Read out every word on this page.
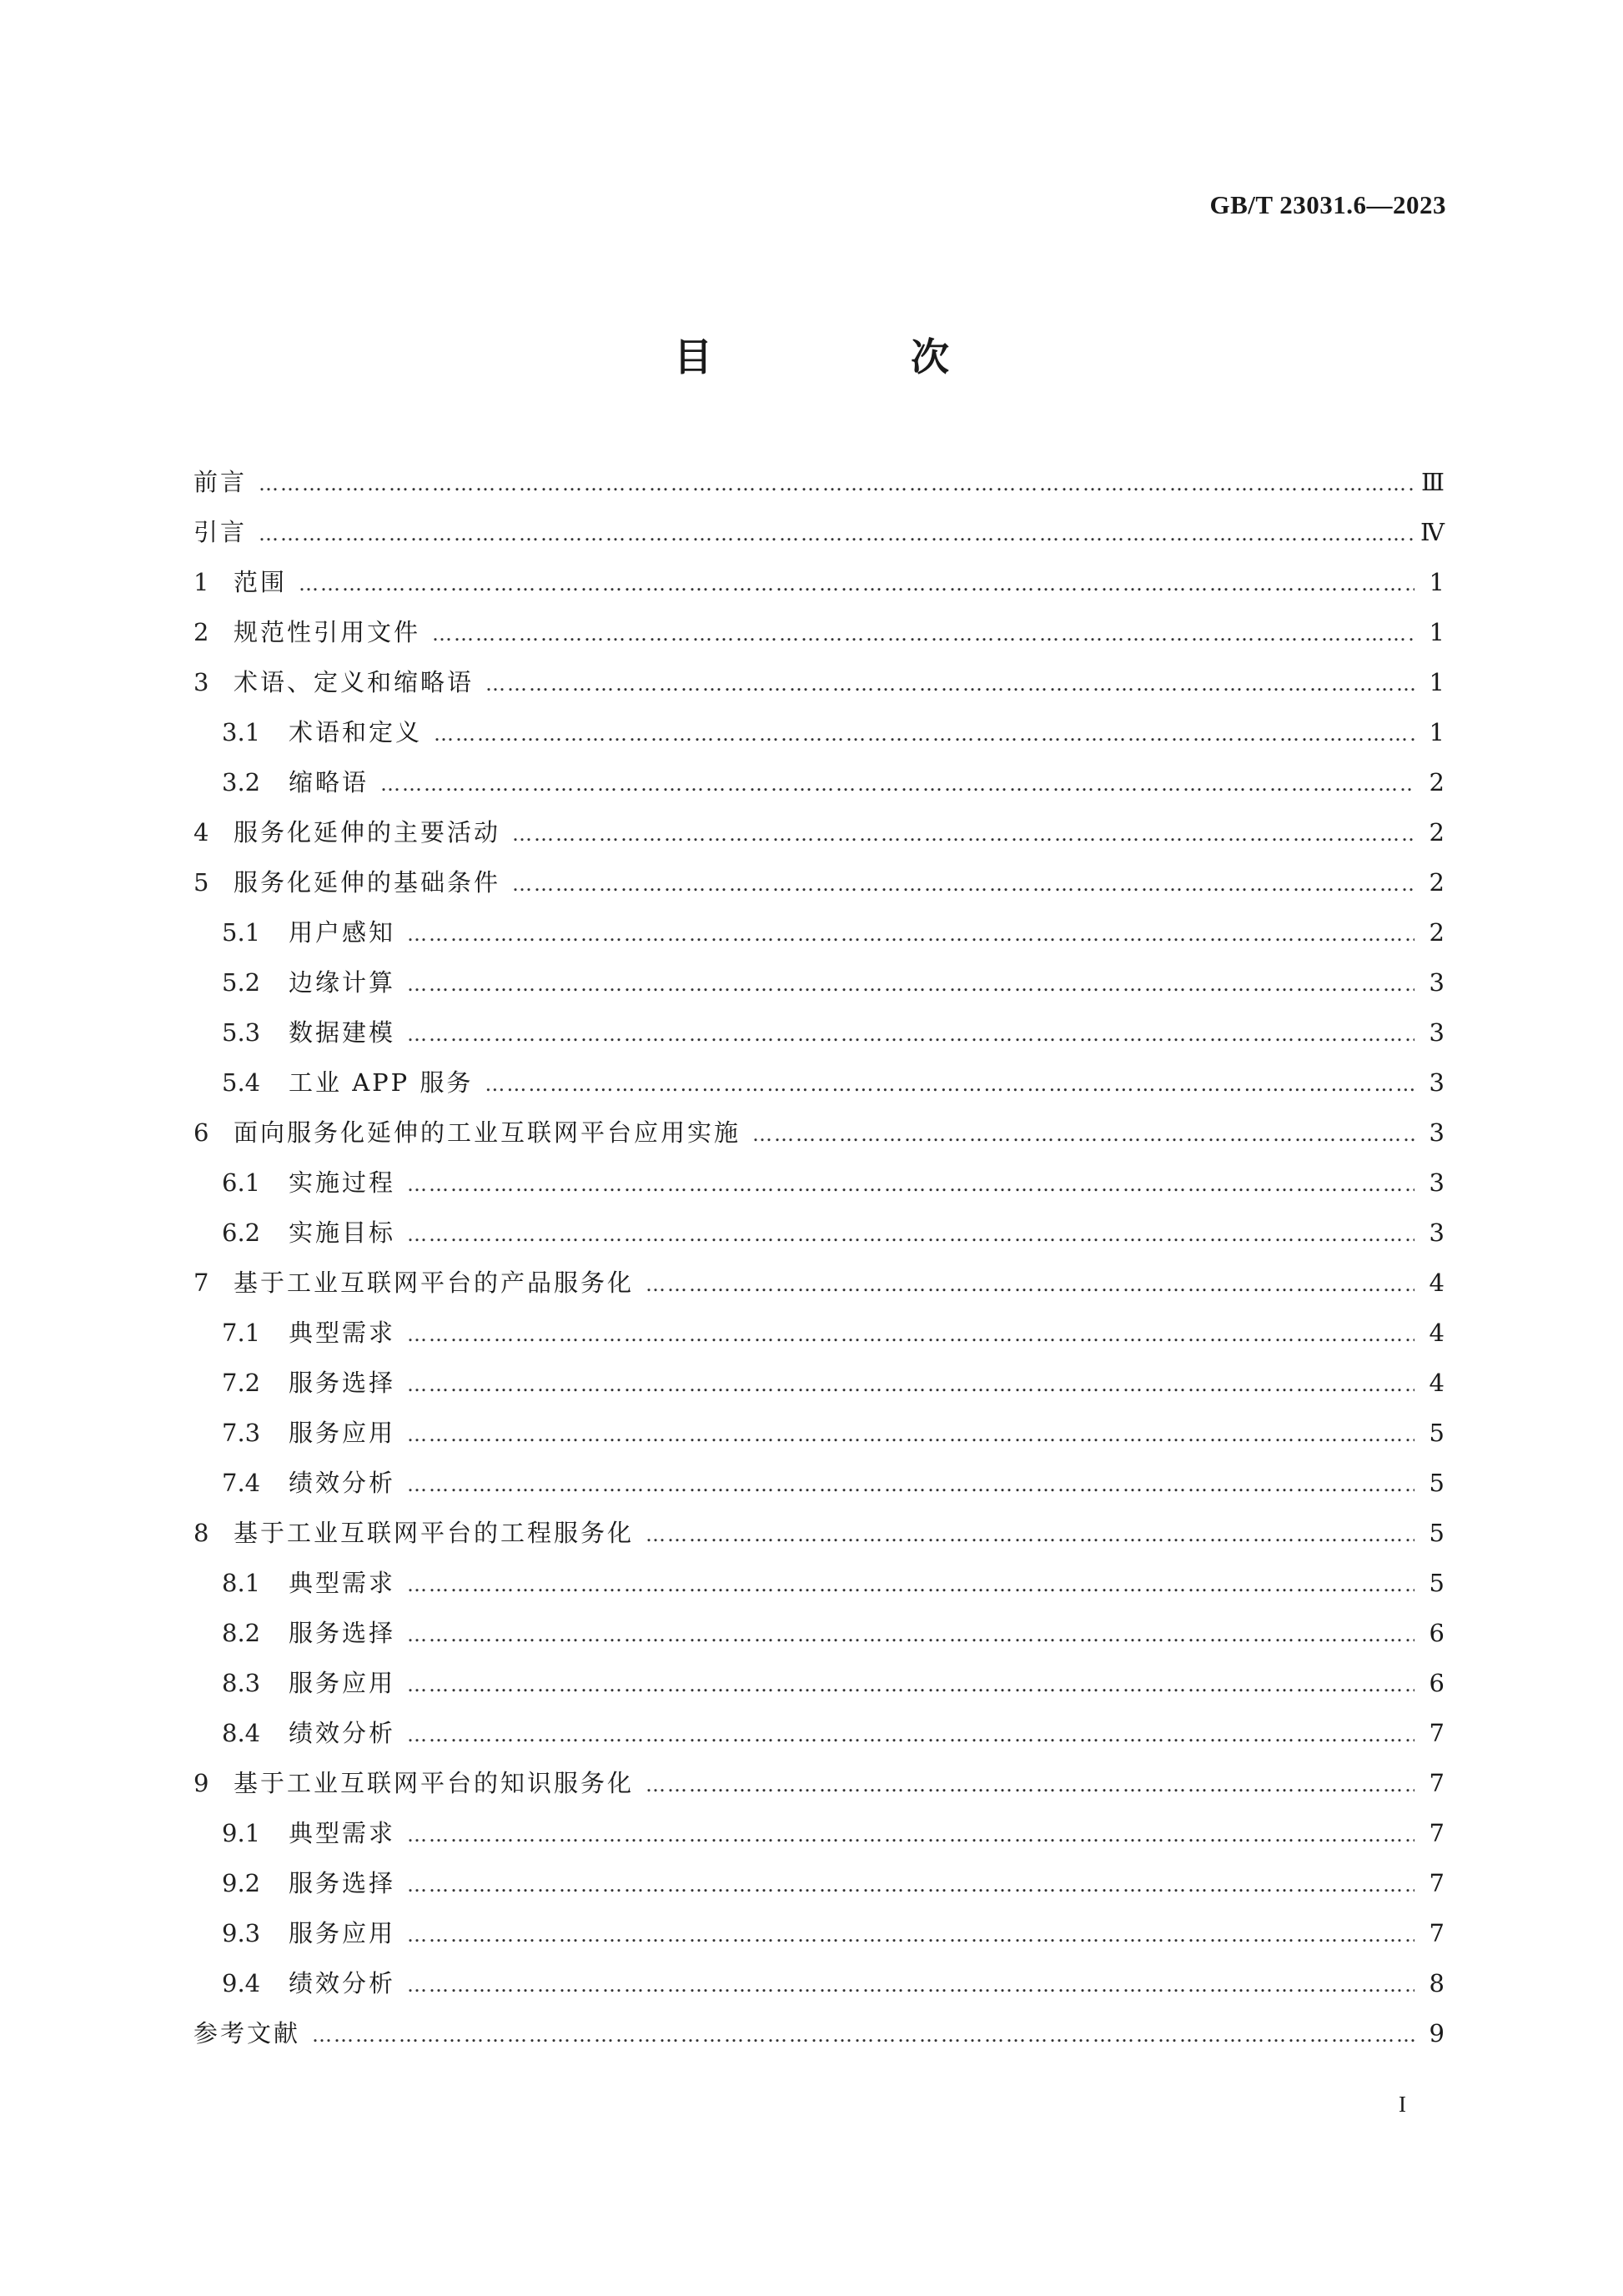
GB/T 23031.6—2023
目　次
前言 ……………………………………………………………………………………………………………………………………………………………………………………………………………………………………	Ⅲ
引言 ……………………………………………………………………………………………………………………………………………………………………………………………………………………………………	Ⅳ
1	范围 ……………………………………………………………………………………………………………………………………………………………………………………………………………………………………	1
2	规范性引用文件 ……………………………………………………………………………………………………………………………………………………………………………………………………………………………………	1
3	术语、定义和缩略语 ……………………………………………………………………………………………………………………………………………………………………………………………………………………………………	1
3.1	术语和定义 ……………………………………………………………………………………………………………………………………………………………………………………………………………………………………	1
3.2	缩略语 ……………………………………………………………………………………………………………………………………………………………………………………………………………………………………	2
4	服务化延伸的主要活动 ……………………………………………………………………………………………………………………………………………………………………………………………………………………………………	2
5	服务化延伸的基础条件 ……………………………………………………………………………………………………………………………………………………………………………………………………………………………………	2
5.1	用户感知 ……………………………………………………………………………………………………………………………………………………………………………………………………………………………………	2
5.2	边缘计算 ……………………………………………………………………………………………………………………………………………………………………………………………………………………………………	3
5.3	数据建模 ……………………………………………………………………………………………………………………………………………………………………………………………………………………………………	3
5.4	工业 APP 服务 ……………………………………………………………………………………………………………………………………………………………………………………………………………………………………	3
6	面向服务化延伸的工业互联网平台应用实施 ……………………………………………………………………………………………………………………………………………………………………………………………………………………………………	3
6.1	实施过程 ……………………………………………………………………………………………………………………………………………………………………………………………………………………………………	3
6.2	实施目标 ……………………………………………………………………………………………………………………………………………………………………………………………………………………………………	3
7	基于工业互联网平台的产品服务化 ……………………………………………………………………………………………………………………………………………………………………………………………………………………………………	4
7.1	典型需求 ……………………………………………………………………………………………………………………………………………………………………………………………………………………………………	4
7.2	服务选择 ……………………………………………………………………………………………………………………………………………………………………………………………………………………………………	4
7.3	服务应用 ……………………………………………………………………………………………………………………………………………………………………………………………………………………………………	5
7.4	绩效分析 ……………………………………………………………………………………………………………………………………………………………………………………………………………………………………	5
8	基于工业互联网平台的工程服务化 ……………………………………………………………………………………………………………………………………………………………………………………………………………………………………	5
8.1	典型需求 ……………………………………………………………………………………………………………………………………………………………………………………………………………………………………	5
8.2	服务选择 ……………………………………………………………………………………………………………………………………………………………………………………………………………………………………	6
8.3	服务应用 ……………………………………………………………………………………………………………………………………………………………………………………………………………………………………	6
8.4	绩效分析 ……………………………………………………………………………………………………………………………………………………………………………………………………………………………………	7
9	基于工业互联网平台的知识服务化 ……………………………………………………………………………………………………………………………………………………………………………………………………………………………………	7
9.1	典型需求 ……………………………………………………………………………………………………………………………………………………………………………………………………………………………………	7
9.2	服务选择 ……………………………………………………………………………………………………………………………………………………………………………………………………………………………………	7
9.3	服务应用 ……………………………………………………………………………………………………………………………………………………………………………………………………………………………………	7
9.4	绩效分析 ……………………………………………………………………………………………………………………………………………………………………………………………………………………………………	8
参考文献 ……………………………………………………………………………………………………………………………………………………………………………………………………………………………………	9
I
